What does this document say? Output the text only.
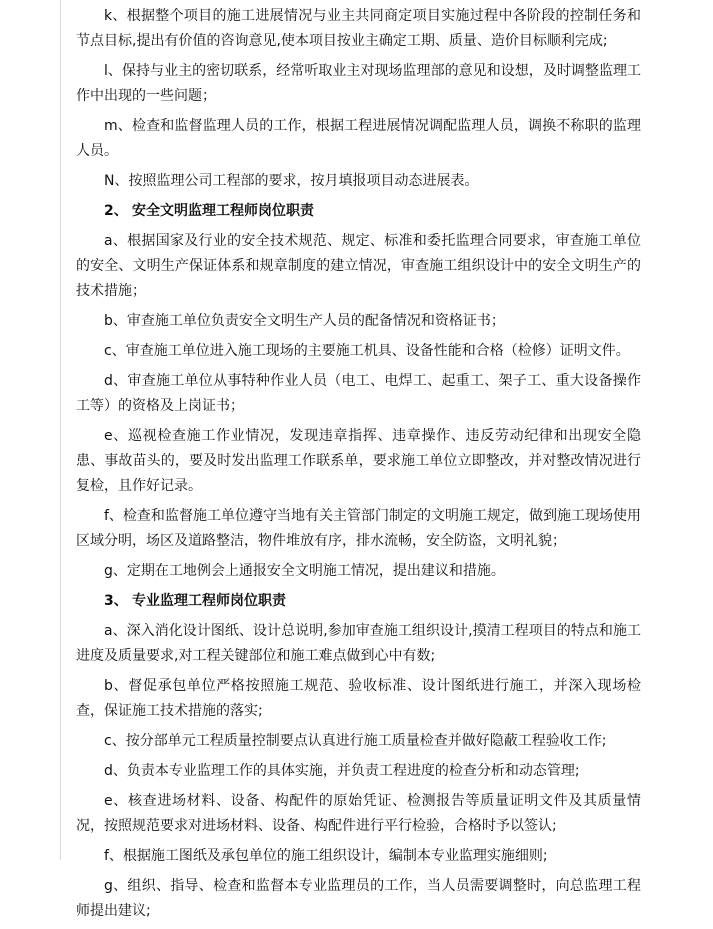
k、根据整个项目的施工进展情况与业主共同商定项目实施过程中各阶段的控制任务和节点目标,提出有价值的咨询意见,使本项目按业主确定工期、质量、造价目标顺利完成;

l、保持与业主的密切联系，经常听取业主对现场监理部的意见和设想，及时调整监理工作中出现的一些问题；

m、检查和监督监理人员的工作，根据工程进展情况调配监理人员，调换不称职的监理人员。

N、按照监理公司工程部的要求，按月填报项目动态进展表。

2、 安全文明监理工程师岗位职责

a、根据国家及行业的安全技术规范、规定、标准和委托监理合同要求，审查施工单位的安全、文明生产保证体系和规章制度的建立情况，审查施工组织设计中的安全文明生产的技术措施；

b、审查施工单位负责安全文明生产人员的配备情况和资格证书；

c、审查施工单位进入施工现场的主要施工机具、设备性能和合格（检修）证明文件。

d、审查施工单位从事特种作业人员（电工、电焊工、起重工、架子工、重大设备操作工等）的资格及上岗证书；

e、巡视检查施工作业情况，发现违章指挥、违章操作、违反劳动纪律和出现安全隐患、事故苗头的，要及时发出监理工作联系单，要求施工单位立即整改，并对整改情况进行复检，且作好记录。

f、检查和监督施工单位遵守当地有关主管部门制定的文明施工规定，做到施工现场使用区域分明，场区及道路整洁，物件堆放有序，排水流畅，安全防盗，文明礼貌；

g、定期在工地例会上通报安全文明施工情况，提出建议和措施。

3、 专业监理工程师岗位职责

a、深入消化设计图纸、设计总说明,参加审查施工组织设计,摸清工程项目的特点和施工进度及质量要求,对工程关键部位和施工难点做到心中有数;

b、督促承包单位严格按照施工规范、验收标准、设计图纸进行施工，并深入现场检查，保证施工技术措施的落实;

c、按分部单元工程质量控制要点认真进行施工质量检查并做好隐蔽工程验收工作;

d、负责本专业监理工作的具体实施，并负责工程进度的检查分析和动态管理;

e、核查进场材料、设备、构配件的原始凭证、检测报告等质量证明文件及其质量情况，按照规范要求对进场材料、设备、构配件进行平行检验，合格时予以签认;

f、根据施工图纸及承包单位的施工组织设计，编制本专业监理实施细则;

g、组织、指导、检查和监督本专业监理员的工作，当人员需要调整时，向总监理工程师提出建议;
